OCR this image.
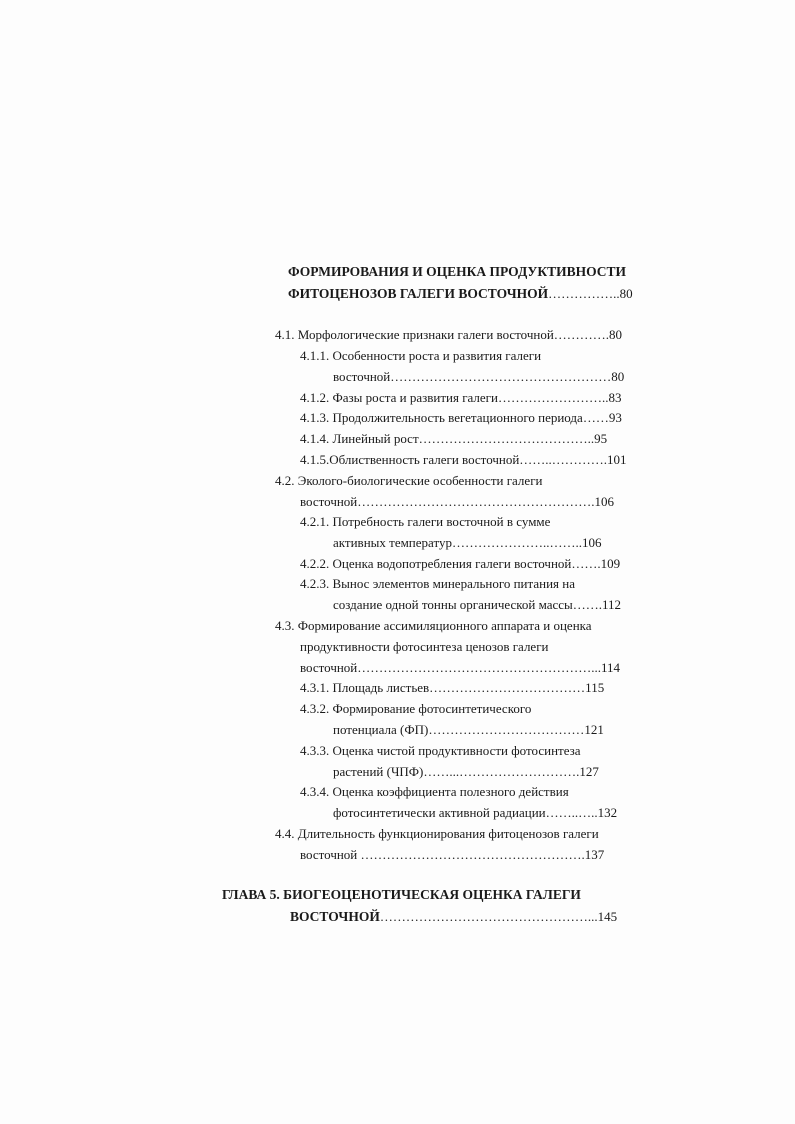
ФОРМИРОВАНИЯ И ОЦЕНКА ПРОДУКТИВНОСТИ
ФИТОЦЕНОЗОВ ГАЛЕГИ ВОСТОЧНОЙ……………..80
4.1. Морфологические признаки галеги восточной………….80
4.1.1. Особенности роста и развития галеги
восточной……………………………………………80
4.1.2. Фазы роста и развития галеги……………………..83
4.1.3. Продолжительность вегетационного периода……93
4.1.4. Линейный рост…………………………………..95
4.1.5.Облиственность галеги восточной……..………….101
4.2. Эколого-биологические особенности галеги
восточной……………………………………………….106
4.2.1. Потребность галеги восточной в сумме
активных температур…………………..……..106
4.2.2. Оценка водопотребления галеги восточной…….109
4.2.3. Вынос элементов минерального питания на
создание одной тонны органической массы…….112
4.3. Формирование ассимиляционного аппарата и оценка
продуктивности фотосинтеза ценозов галеги
восточной………………………………………………...114
4.3.1. Площадь листьев………………………………115
4.3.2. Формирование фотосинтетического
потенциала (ФП)………………………………121
4.3.3. Оценка чистой продуктивности фотосинтеза
растений (ЧПФ)……...……………………….127
4.3.4. Оценка коэффициента полезного действия
фотосинтетически активной радиации……..…..132
4.4. Длительность функционирования фитоценозов галеги
восточной …………………………………………….137
ГЛАВА 5. БИОГЕОЦЕНОТИЧЕСКАЯ ОЦЕНКА ГАЛЕГИ
ВОСТОЧНОЙ…………………………………………...145
